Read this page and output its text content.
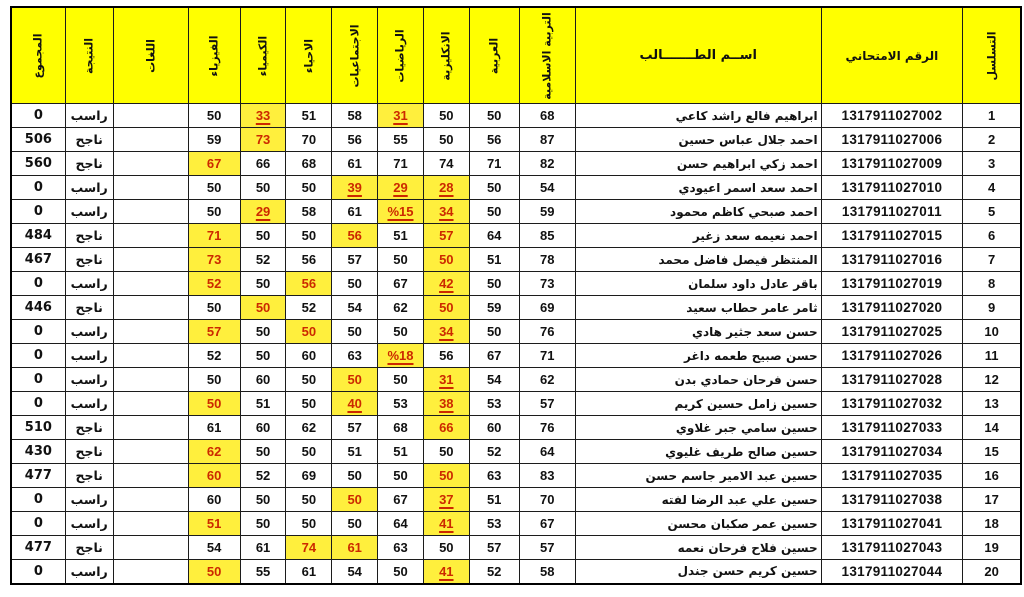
التسلسل	الرقم الامتحاني	اســم الطـــــــالب	التربية الاسلامية	العربية	الانكليزية	الرياضيات	الاجتماعيات	الاحياء	الكيمياء	الفيزياء	اللغات	النتيجة	المجموع

1	1317911027002	ابراهيم فالع راشد كاعي	68	50	50	31	58	51	33	50		راسب	0
2	1317911027006	احمد جلال عباس حسين	87	56	50	55	56	70	73	59		ناجح	506
3	1317911027009	احمد زكي ابراهيم حسن	82	71	74	71	61	68	66	67		ناجح	560
4	1317911027010	احمد سعد اسمر اعيودي	54	50	28	29	39	50	50	50		راسب	0
5	1317911027011	احمد صبحي كاظم محمود	59	50	34	%15	61	58	29	50		راسب	0
6	1317911027015	احمد نعيمه سعد زغير	85	64	57	51	56	50	50	71		ناجح	484
7	1317911027016	المنتظر فيصل فاضل محمد	78	51	50	50	57	56	52	73		ناجح	467
8	1317911027019	باقر عادل داود سلمان	73	50	42	67	50	56	50	52		راسب	0
9	1317911027020	ثامر عامر حطاب سعيد	69	59	50	62	54	52	50	50		ناجح	446
10	1317911027025	حسن سعد جثير هادي	76	50	34	50	50	50	50	57		راسب	0
11	1317911027026	حسن صبيح طعمه داغر	71	67	56	%18	63	60	50	52		راسب	0
12	1317911027028	حسن فرحان حمادي بدن	62	54	31	50	50	50	60	50		راسب	0
13	1317911027032	حسين زامل حسين كريم	57	53	38	53	40	50	51	50		راسب	0
14	1317911027033	حسين سامي جبر غلاوي	76	60	66	68	57	62	60	61		ناجح	510
15	1317911027034	حسين صالح طريف غليوي	64	52	50	51	51	50	50	62		ناجح	430
16	1317911027035	حسين عبد الامير جاسم حسن	83	63	50	50	50	69	52	60		ناجح	477
17	1317911027038	حسين علي عبد الرضا لفته	70	51	37	67	50	50	50	60		راسب	0
18	1317911027041	حسين عمر صكبان محسن	67	53	41	64	50	50	50	51		راسب	0
19	1317911027043	حسين فلاح فرحان نعمه	57	57	50	63	61	74	61	54		ناجح	477
20	1317911027044	حسين كريم حسن جندل	58	52	41	50	54	61	55	50		راسب	0
